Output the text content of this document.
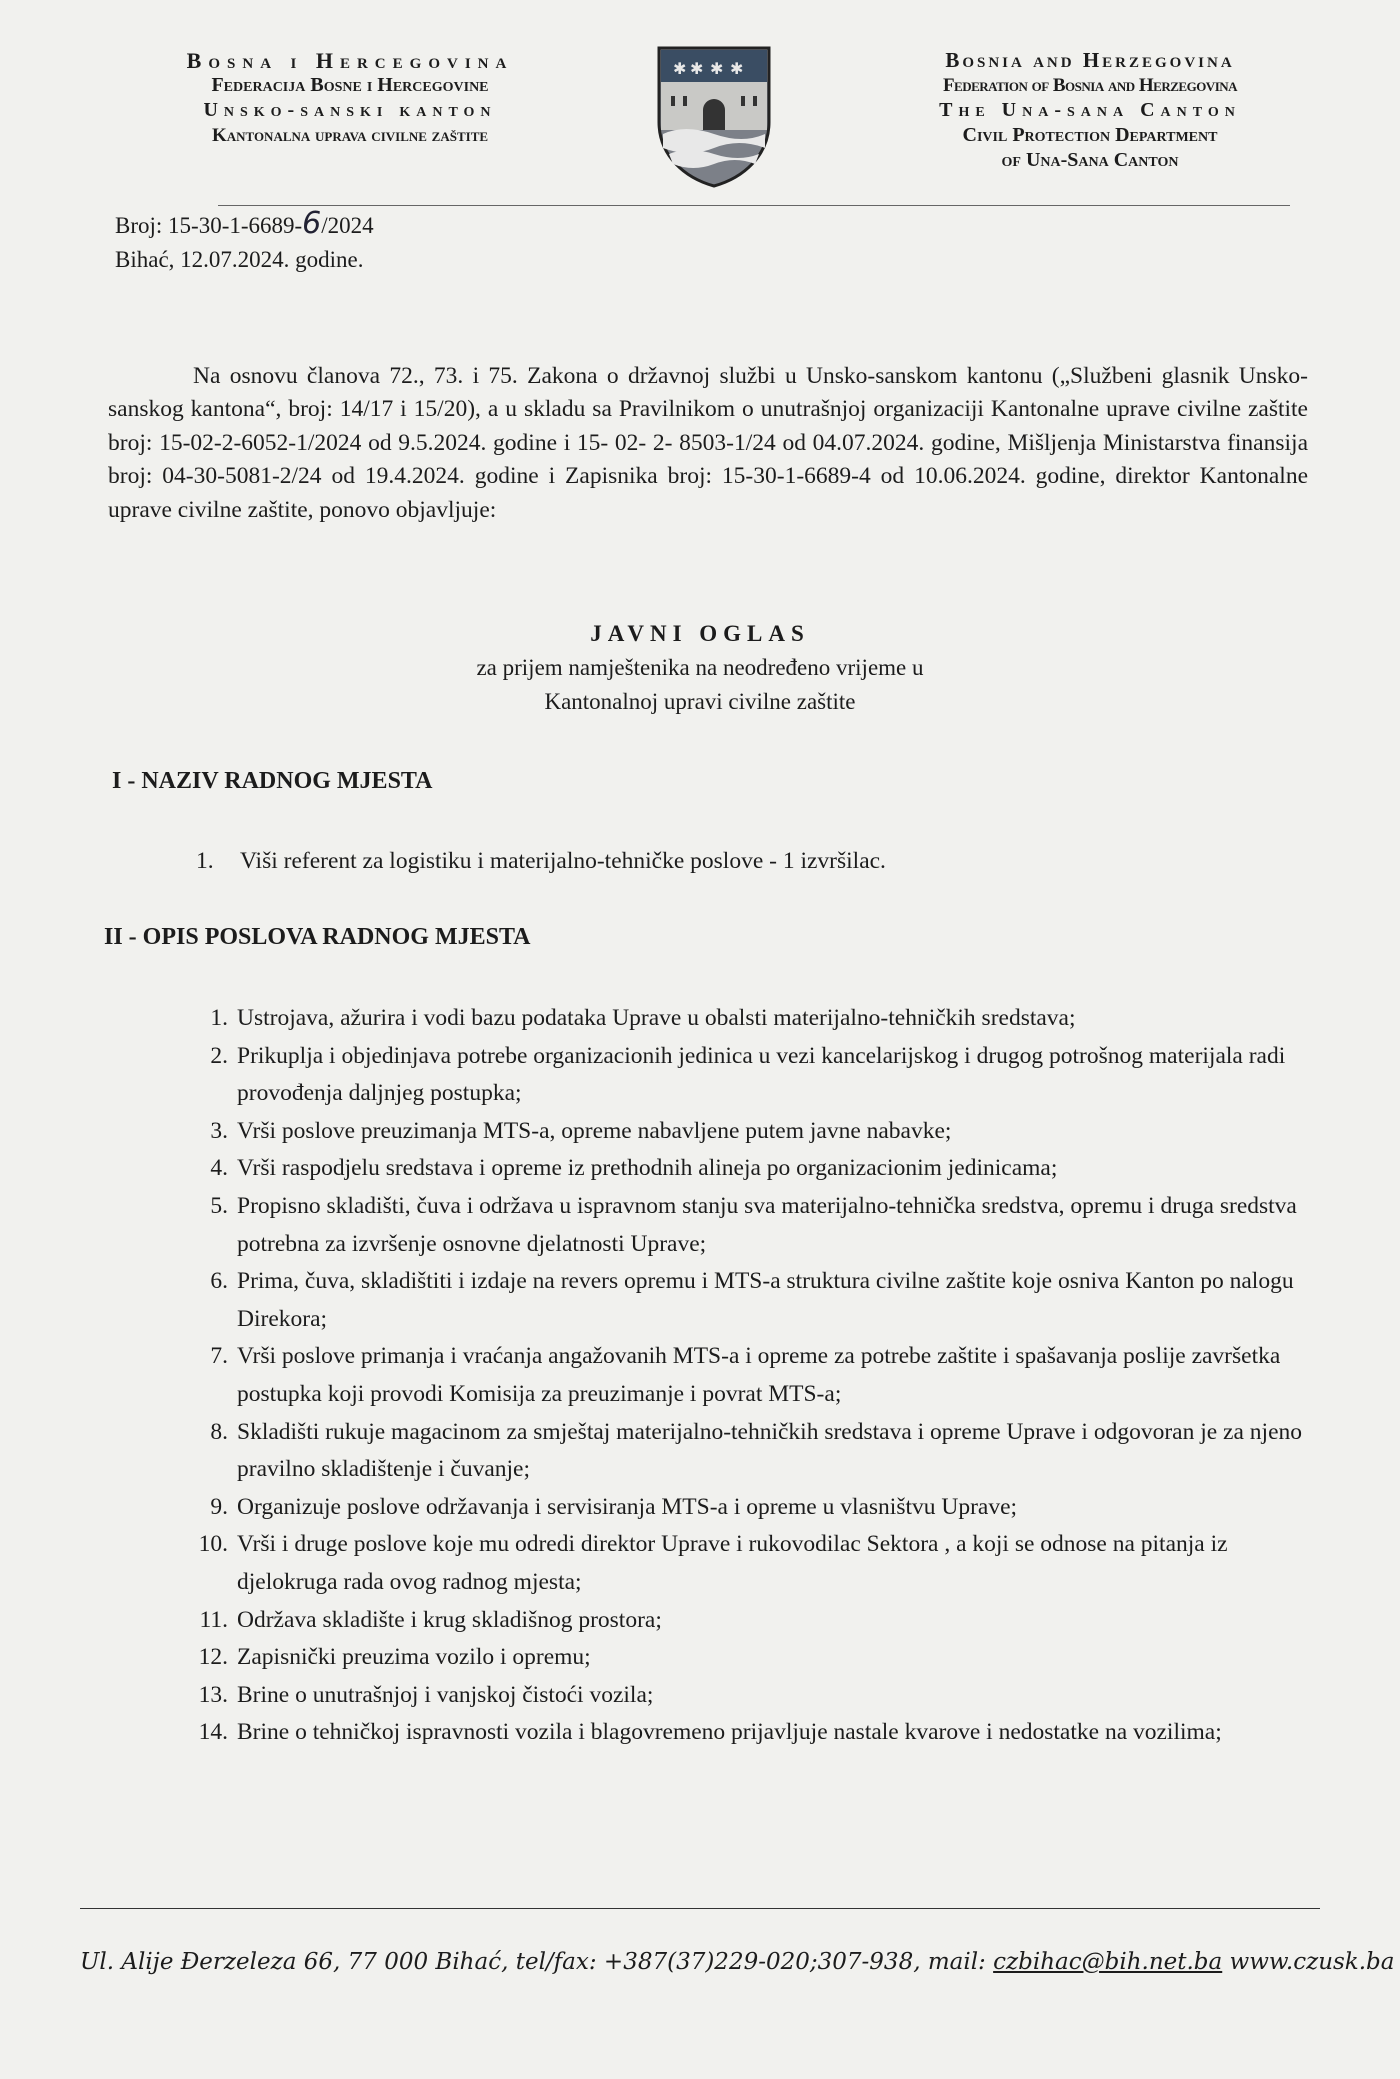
Bosna i Hercegovina
Federacija Bosne i Hercegovine
Unsko-sanski kanton
Kantonalna uprava civilne zaštite
✱ ✱ ✱ ✱	Bosnia and Herzegovina
Federation of Bosnia and Herzegovina
The Una-sana Canton
Civil Protection Department
of Una-Sana Canton
Broj: 15-30-1-6689-6/2024
Bihać, 12.07.2024. godine.

Na osnovu članova 72., 73. i 75. Zakona o državnoj službi u Unsko-sanskom kantonu („Službeni glasnik Unsko-sanskog kantona“, broj: 14/17 i 15/20), a u skladu sa Pravilnikom o unutrašnjoj organizaciji Kantonalne uprave civilne zaštite broj: 15-02-2-6052-1/2024 od 9.5.2024. godine i 15- 02- 2- 8503-1/24 od 04.07.2024. godine, Mišljenja Ministarstva finansija broj: 04-30-5081-2/24 od 19.4.2024. godine i Zapisnika broj: 15-30-1-6689-4 od 10.06.2024. godine, direktor Kantonalne uprave civilne zaštite, ponovo objavljuje:

JAVNI OGLAS
za prijem namještenika na neodređeno vrijeme u
Kantonalnoj upravi civilne zaštite
I - NAZIV RADNOG MJESTA
1. Viši referent za logistiku i materijalno-tehničke poslove - 1 izvršilac.
II - OPIS POSLOVA RADNOG MJESTA
1. Ustrojava, ažurira i vodi bazu podataka Uprave u obalsti materijalno-tehničkih sredstava;
2. Prikuplja i objedinjava potrebe organizacionih jedinica u vezi kancelarijskog i drugog potrošnog materijala radi provođenja daljnjeg postupka;
3. Vrši poslove preuzimanja MTS-a, opreme nabavljene putem javne nabavke;
4. Vrši raspodjelu sredstava i opreme iz prethodnih alineja po organizacionim jedinicama;
5. Propisno skladišti, čuva i održava u ispravnom stanju sva materijalno-tehnička sredstva, opremu i druga sredstva potrebna za izvršenje osnovne djelatnosti Uprave;
6. Prima, čuva, skladištiti i izdaje na revers opremu i MTS-a struktura civilne zaštite koje osniva Kanton po nalogu Direkora;
7. Vrši poslove primanja i vraćanja angažovanih MTS-a i opreme za potrebe zaštite i spašavanja poslije završetka postupka koji provodi Komisija za preuzimanje i povrat MTS-a;
8. Skladišti rukuje magacinom za smještaj materijalno-tehničkih sredstava i opreme Uprave i odgovoran je za njeno pravilno skladištenje i čuvanje;
9. Organizuje poslove održavanja i servisiranja MTS-a i opreme u vlasništvu Uprave;
10. Vrši i druge poslove koje mu odredi direktor Uprave i rukovodilac Sektora , a koji se odnose na pitanja iz djelokruga rada ovog radnog mjesta;
11. Održava skladište i krug skladišnog prostora;
12. Zapisnički preuzima vozilo i opremu;
13. Brine o unutrašnjoj i vanjskoj čistoći vozila;
14. Brine o tehničkoj ispravnosti vozila i blagovremeno prijavljuje nastale kvarove i nedostatke na vozilima;
Ul. Alije Đerzeleza 66, 77 000 Bihać, tel/fax: +387(37)229-020;307-938, mail: czbihac@bih.net.ba www.czusk.ba
